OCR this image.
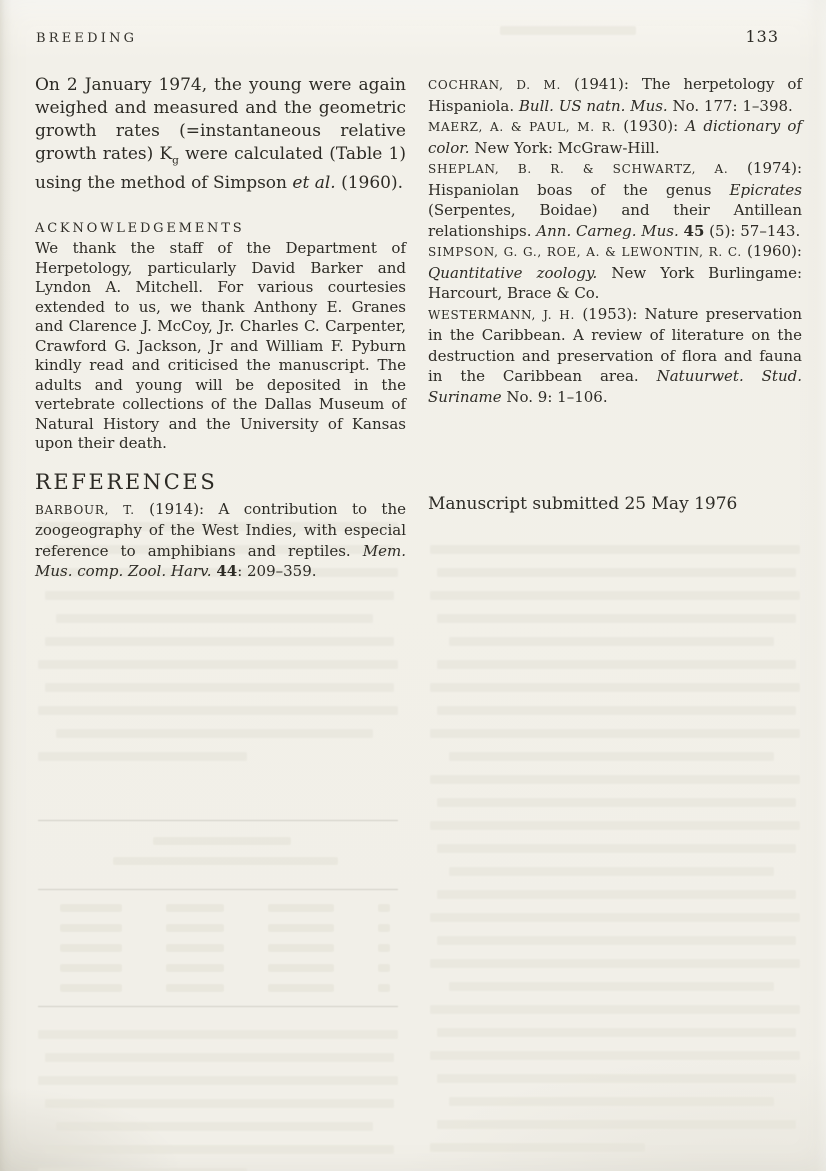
BREEDING	133

On 2 January 1974, the young were again weighed and measured and the geometric growth rates (=instantaneous relative growth rates) $K_g$ were calculated (Table 1) using the method of Simpson et al. (1960).

ACKNOWLEDGEMENTS

We thank the staff of the Department of Herpetology, particularly David Barker and Lyndon A. Mitchell. For various courtesies extended to us, we thank Anthony E. Granes and Clarence J. McCoy, Jr. Charles C. Carpenter, Crawford G. Jackson, Jr and William F. Pyburn kindly read and criticised the manuscript. The adults and young will be deposited in the vertebrate collections of the Dallas Museum of Natural History and the University of Kansas upon their death.

REFERENCES

BARBOUR, T. (1914): A contribution to the zoogeography of the West Indies, with especial reference to amphibians and reptiles. Mem. Mus. comp. Zool. Harv. 44: 209–359.

COCHRAN, D. M. (1941): The herpetology of Hispaniola. Bull. US natn. Mus. No. 177: 1–398.

MAERZ, A. & PAUL, M. R. (1930): A dictionary of color. New York: McGraw-Hill.

SHEPLAN, B. R. & SCHWARTZ, A. (1974): Hispaniolan boas of the genus Epicrates (Serpentes, Boidae) and their Antillean relationships. Ann. Carneg. Mus. 45 (5): 57–143.

SIMPSON, G. G., ROE, A. & LEWONTIN, R. C. (1960): Quantitative zoology. New York Burlingame: Harcourt, Brace & Co.

WESTERMANN, J. H. (1953): Nature preservation in the Caribbean. A review of literature on the destruction and preservation of flora and fauna in the Caribbean area. Natuurwet. Stud. Suriname No. 9: 1–106.

Manuscript submitted 25 May 1976
